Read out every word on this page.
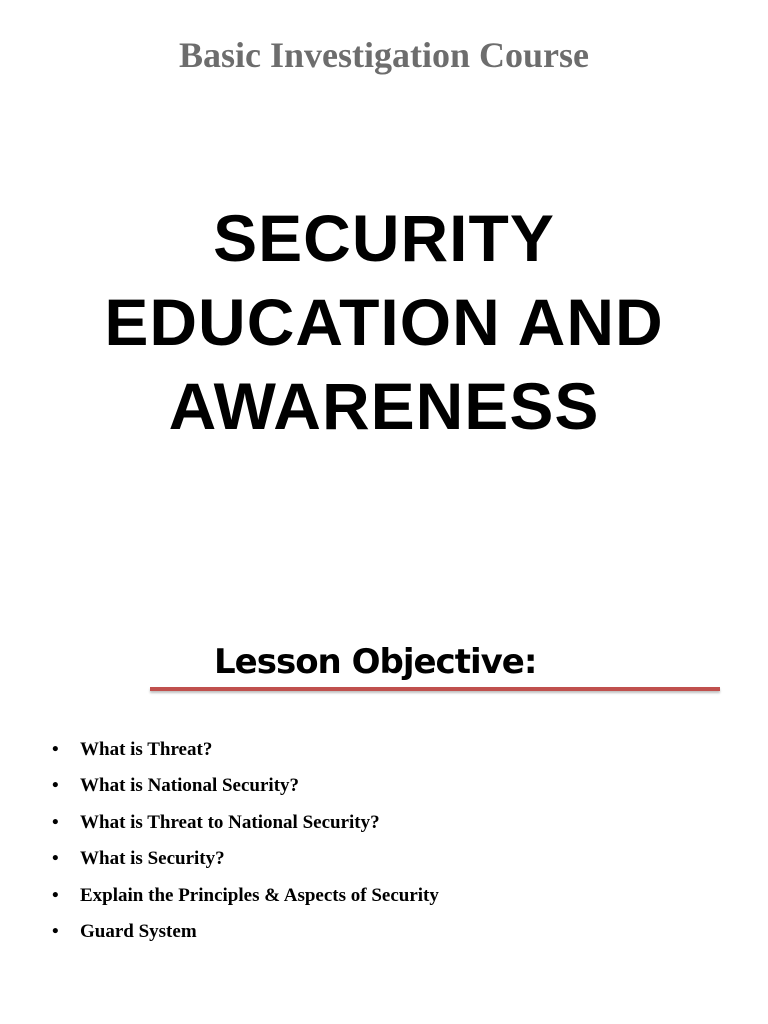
Basic Investigation Course
SECURITY
EDUCATION AND
AWARENESS
Lesson Objective:
• What is Threat?
• What is National Security?
• What is Threat to National Security?
• What is Security?
• Explain the Principles & Aspects of Security
• Guard System
